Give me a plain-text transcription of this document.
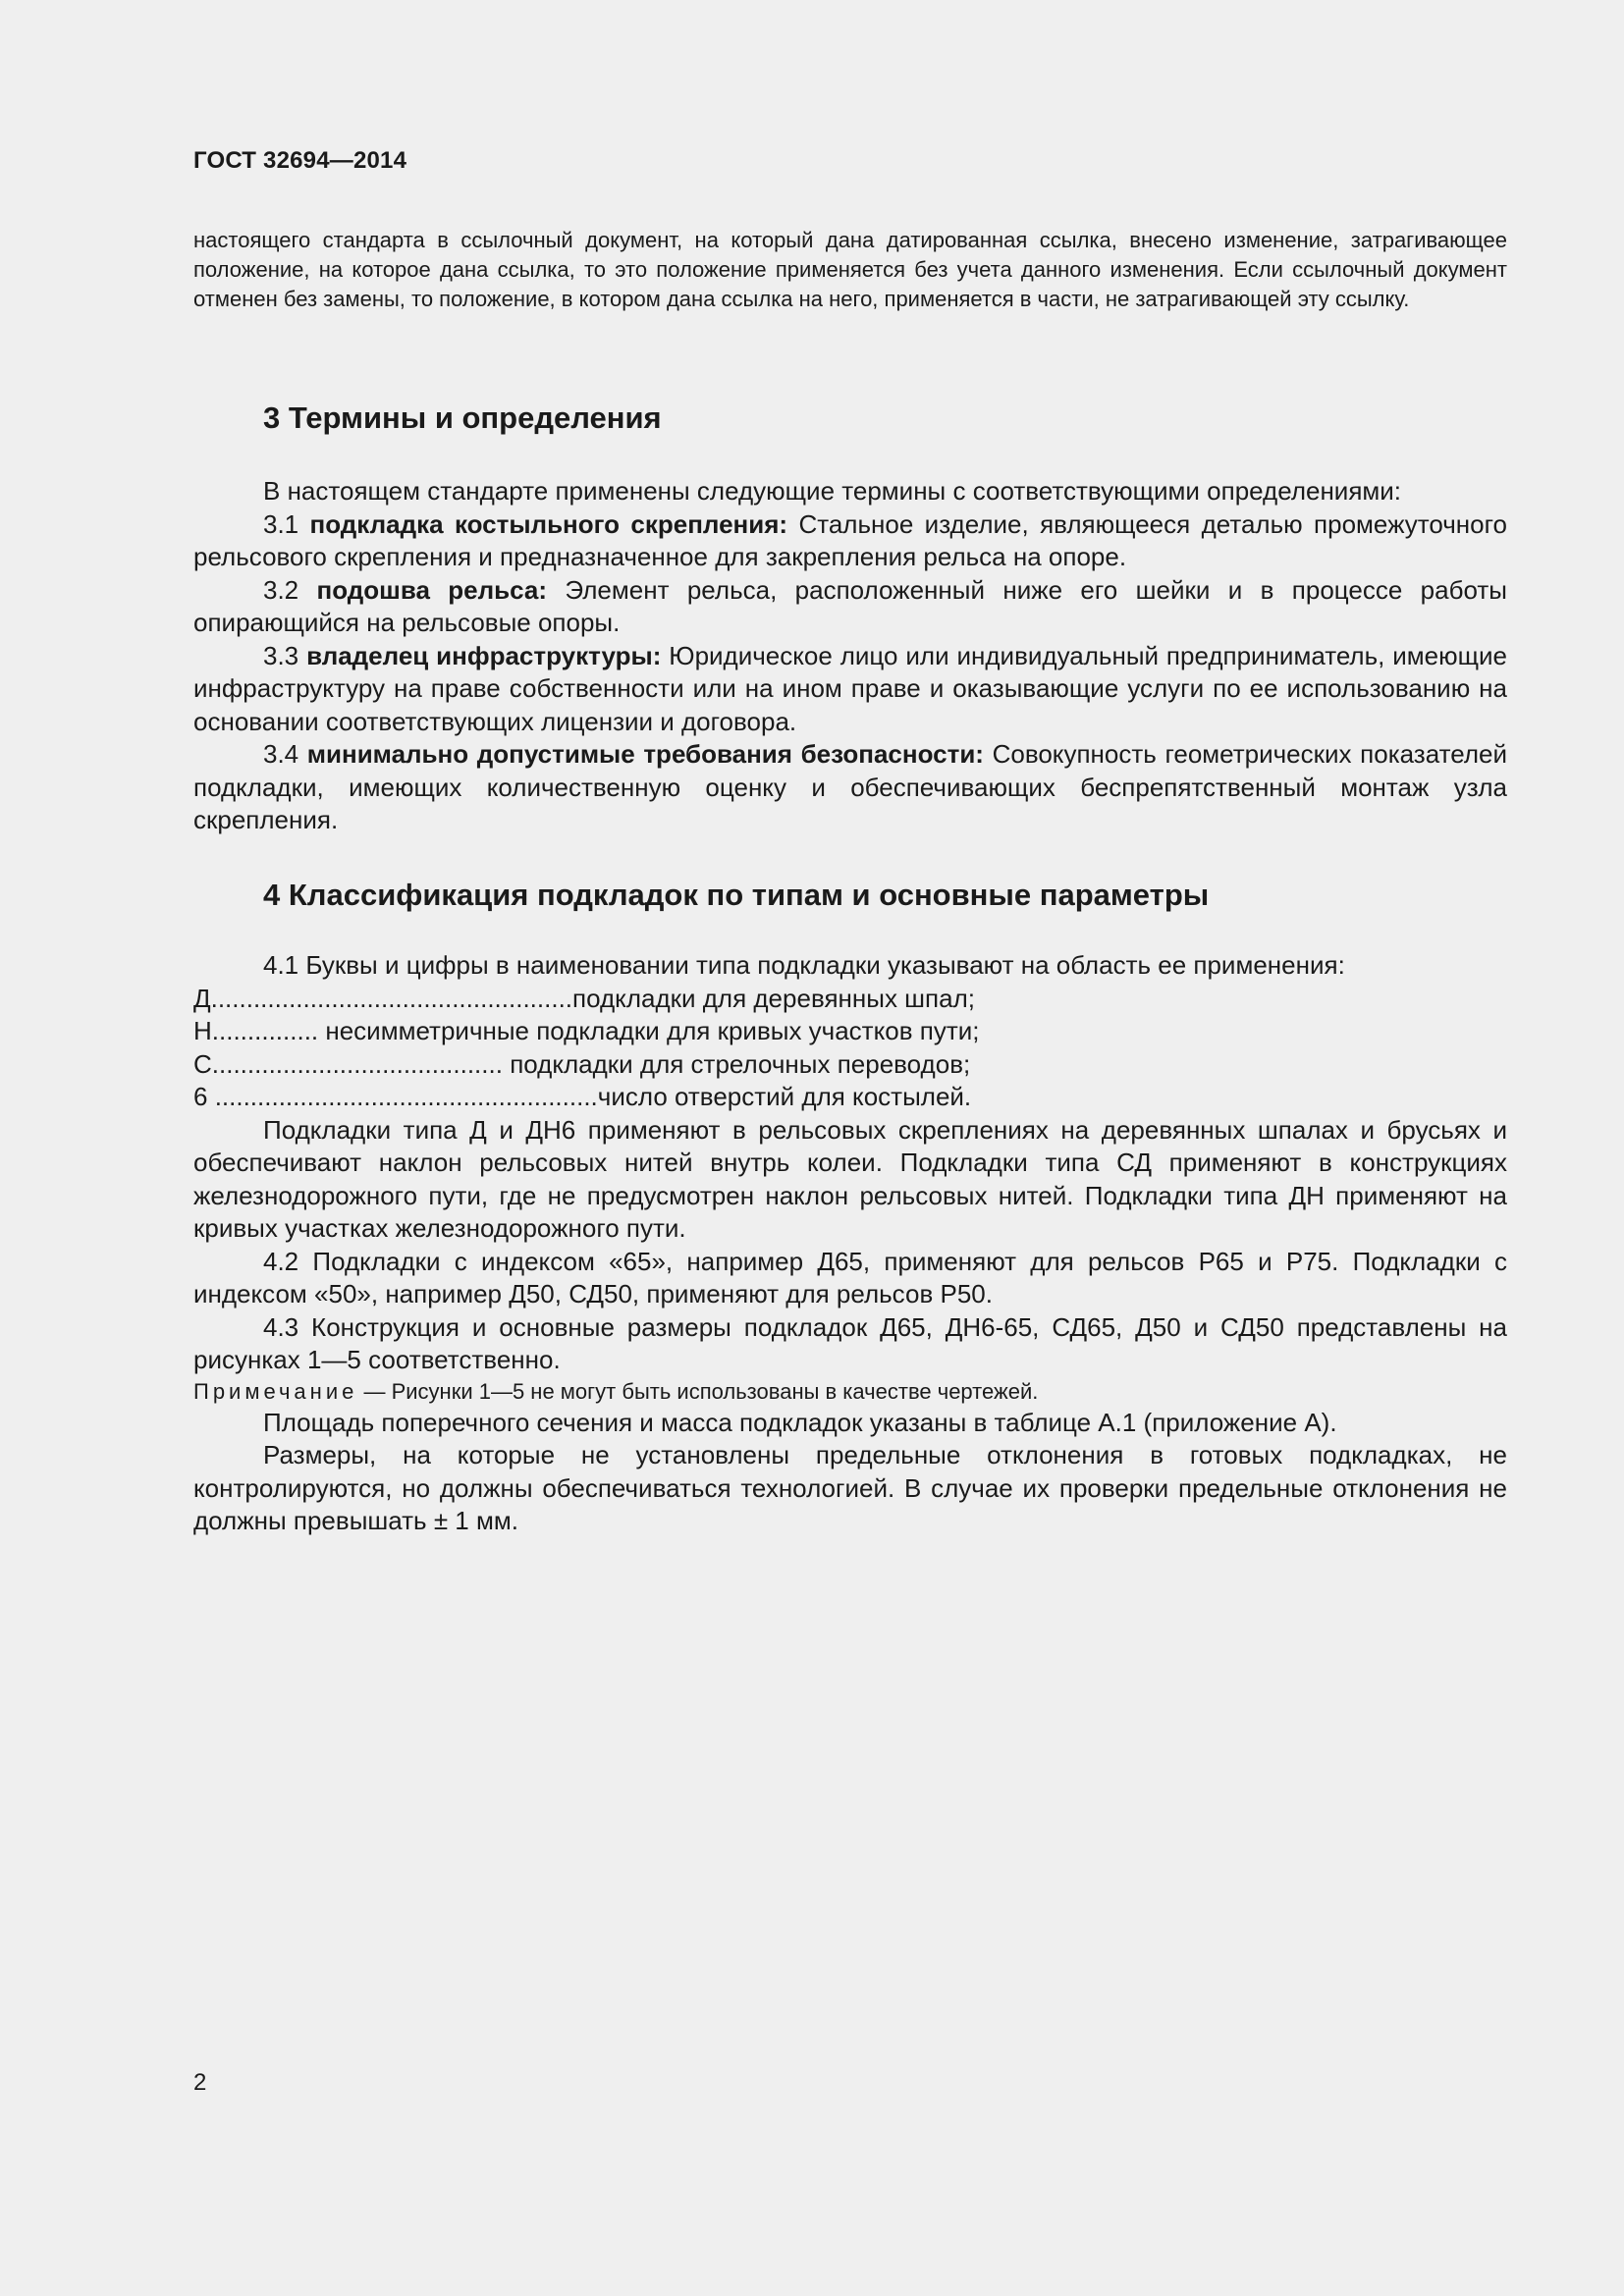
ГОСТ 32694—2014

настоящего стандарта в ссылочный документ, на который дана датированная ссылка, внесено изменение, затрагивающее положение, на которое дана ссылка, то это положение применяется без учета данного изменения. Если ссылочный документ отменен без замены, то положение, в котором дана ссылка на него, применяется в части, не затрагивающей эту ссылку.

3 Термины и определения

В настоящем стандарте применены следующие термины с соответствующими определениями:

3.1 подкладка костыльного скрепления: Стальное изделие, являющееся деталью промежуточного рельсового скрепления и предназначенное для закрепления рельса на опоре.

3.2 подошва рельса: Элемент рельса, расположенный ниже его шейки и в процессе работы опирающийся на рельсовые опоры.

3.3 владелец инфраструктуры: Юридическое лицо или индивидуальный предприниматель, имеющие инфраструктуру на праве собственности или на ином праве и оказывающие услуги по ее использованию на основании соответствующих лицензии и договора.

3.4 минимально допустимые требования безопасности: Совокупность геометрических показателей подкладки, имеющих количественную оценку и обеспечивающих беспрепятственный монтаж узла скрепления.

4 Классификация подкладок по типам и основные параметры

4.1 Буквы и цифры в наименовании типа подкладки указывают на область ее применения:

Д...................................................подкладки для деревянных шпал;

Н............... несимметричные подкладки для кривых участков пути;

С......................................... подкладки для стрелочных переводов;

6 ......................................................число отверстий для костылей.

Подкладки типа Д и ДН6 применяют в рельсовых скреплениях на деревянных шпалах и брусьях и обеспечивают наклон рельсовых нитей внутрь колеи. Подкладки типа СД применяют в конструкциях железнодорожного пути, где не предусмотрен наклон рельсовых нитей. Подкладки типа ДН применяют на кривых участках железнодорожного пути.

4.2 Подкладки с индексом «65», например Д65, применяют для рельсов Р65 и Р75. Подкладки с индексом «50», например Д50, СД50, применяют для рельсов Р50.

4.3 Конструкция и основные размеры подкладок Д65, ДН6-65, СД65, Д50 и СД50 представлены на рисунках 1—5 соответственно.

Примечание — Рисунки 1—5 не могут быть использованы в качестве чертежей.

Площадь поперечного сечения и масса подкладок указаны в таблице А.1 (приложение А).

Размеры, на которые не установлены предельные отклонения в готовых подкладках, не контролируются, но должны обеспечиваться технологией. В случае их проверки предельные отклонения не должны превышать ± 1 мм.

2
